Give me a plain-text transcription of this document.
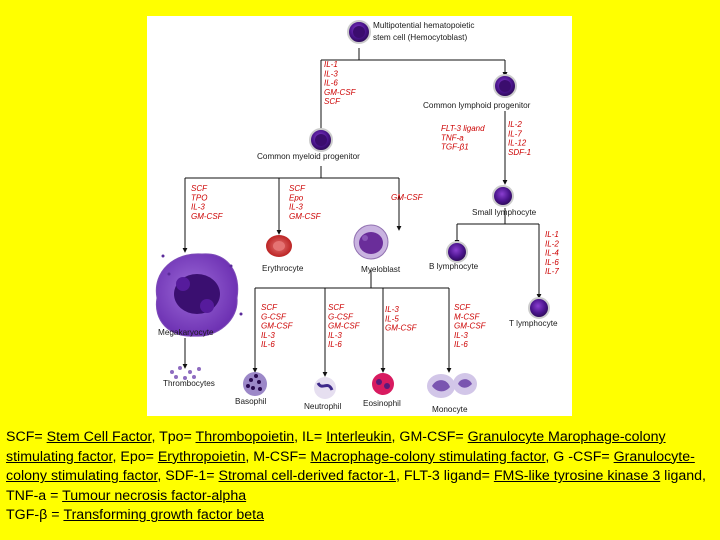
Multipotential hematopoietic
stem cell (Hemocytoblast)
Common lymphoid progenitor
Common myeloid progenitor
Small lymphocyte
Megakaryocyte
Thrombocytes
Erythrocyte	Myeloblast	B lymphocyte
T lymphocyte
Basophil
Neutrophil	Eosinophil
Monocyte
IL-1
IL-3
IL-6
GM-CSF
SCF
FLT-3 ligand
TNF-a
TGF-β1
IL-2
IL-7
IL-12
SDF-1
SCF
TPO
IL-3
GM-CSF
SCF
Epo
IL-3
GM-CSF
GM-CSF
IL-1
IL-2
IL-4
IL-6
IL-7
SCF
G-CSF
GM-CSF
IL-3
IL-6
SCF
G-CSF
GM-CSF
IL-3
IL-6
IL-3
IL-5
GM-CSF
SCF
M-CSF
GM-CSF
IL-3
IL-6
SCF= Stem Cell Factor, Tpo= Thrombopoietin, IL= Interleukin, GM-CSF= Granulocyte Marophage-colony stimulating factor, Epo= Erythropoietin, M-CSF= Macrophage-colony stimulating factor, G -CSF= Granulocyte-colony stimulating factor, SDF-1= Stromal cell-derived factor-1, FLT-3 ligand= FMS-like tyrosine kinase 3 ligand, TNF-a = Tumour necrosis factor-alpha
TGF-β = Transforming growth factor beta
